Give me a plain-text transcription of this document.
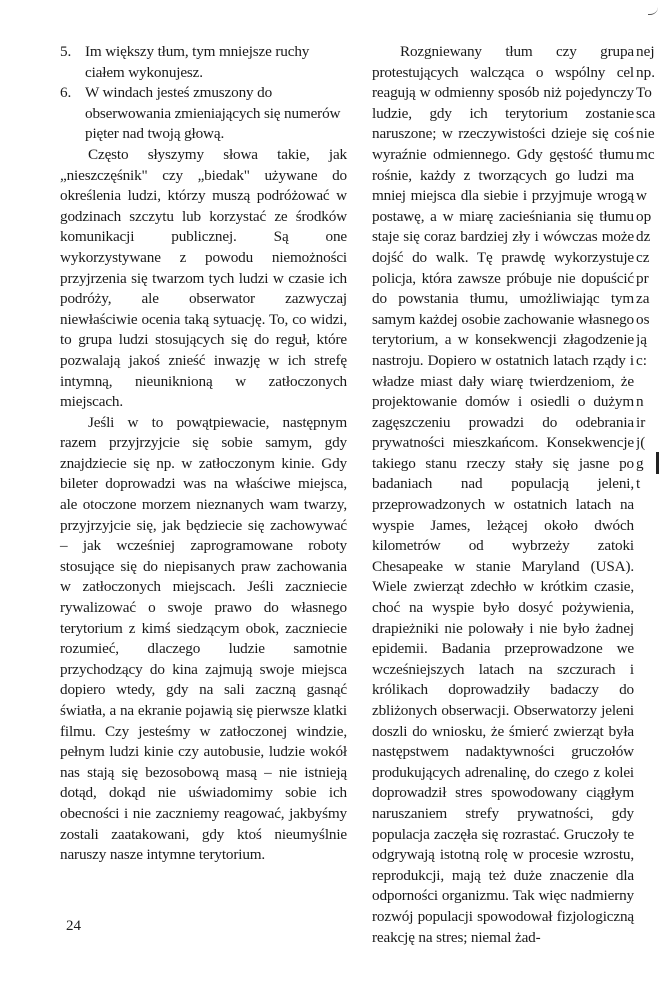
5. Im większy tłum, tym mniejsze ruchy ciałem wykonujesz.
6. W windach jesteś zmuszony do obserwowania zmieniających się numerów pięter nad twoją głową.

Często słyszymy słowa takie, jak „nieszczęśnik" czy „biedak" używane do określenia ludzi, którzy muszą podróżować w godzinach szczytu lub korzystać ze środków komunikacji publicznej. Są one wykorzystywane z powodu niemożności przyjrzenia się twarzom tych ludzi w czasie ich podróży, ale obserwator zazwyczaj niewłaściwie ocenia taką sytuację. To, co widzi, to grupa ludzi stosujących się do reguł, które pozwalają jakoś znieść inwazję w ich strefę intymną, nieuniknioną w zatłoczonych miejscach.

Jeśli w to powątpiewacie, następnym razem przyjrzyjcie się sobie samym, gdy znajdziecie się np. w zatłoczonym kinie. Gdy bileter doprowadzi was na właściwe miejsca, ale otoczone morzem nieznanych wam twarzy, przyjrzyjcie się, jak będziecie się zachowywać – jak wcześniej zaprogramowane roboty stosujące się do niepisanych praw zachowania w zatłoczonych miejscach. Jeśli zaczniecie rywalizować o swoje prawo do własnego terytorium z kimś siedzącym obok, zaczniecie rozumieć, dlaczego ludzie samotnie przychodzący do kina zajmują swoje miejsca dopiero wtedy, gdy na sali zaczną gasnąć światła, a na ekranie pojawią się pierwsze klatki filmu. Czy jesteśmy w zatłoczonej windzie, pełnym ludzi kinie czy autobusie, ludzie wokół nas stają się bezosobową masą – nie istnieją dotąd, dokąd nie uświadomimy sobie ich obecności i nie zaczniemy reagować, jakbyśmy zostali zaatakowani, gdy ktoś nieumyślnie naruszy nasze intymne terytorium.

Rozgniewany tłum czy grupa protestujących walcząca o wspólny cel reagują w odmienny sposób niż pojedynczy ludzie, gdy ich terytorium zostanie naruszone; w rzeczywistości dzieje się coś wyraźnie odmiennego. Gdy gęstość tłumu rośnie, każdy z tworzących go ludzi ma mniej miejsca dla siebie i przyjmuje wrogą postawę, a w miarę zacieśniania się tłumu staje się coraz bardziej zły i wówczas może dojść do walk. Tę prawdę wykorzystuje policja, która zawsze próbuje nie dopuścić do powstania tłumu, umożliwiając tym samym każdej osobie zachowanie własnego terytorium, a w konsekwencji złagodzenie nastroju. Dopiero w ostatnich latach rządy i władze miast dały wiarę twierdzeniom, że projektowanie domów i osiedli o dużym zagęszczeniu prowadzi do odebrania prywatności mieszkańcom. Konsekwencje takiego stanu rzeczy stały się jasne po badaniach nad populacją jeleni, przeprowadzonych w ostatnich latach na wyspie James, leżącej około dwóch kilometrów od wybrzeży zatoki Chesapeake w stanie Maryland (USA). Wiele zwierząt zdechło w krótkim czasie, choć na wyspie było dosyć pożywienia, drapieżniki nie polowały i nie było żadnej epidemii. Badania przeprowadzone we wcześniejszych latach na szczurach i królikach doprowadziły badaczy do zbliżonych obserwacji. Obserwatorzy jeleni doszli do wniosku, że śmierć zwierząt była następstwem nadaktywności gruczołów produkujących adrenalinę, do czego z kolei doprowadził stres spowodowany ciągłym naruszaniem strefy prywatności, gdy populacja zaczęła się rozrastać. Gruczoły te odgrywają istotną rolę w procesie wzrostu, reprodukcji, mają też duże znaczenie dla odporności organizmu. Tak więc nadmierny rozwój populacji spowodował fizjologiczną reakcję na stres; niemal żad-

nej
np.
To
sca
nie
mc
w
op
dz
cz
pr
za
os
ją
c:
n
ir
j(
g
t
24
